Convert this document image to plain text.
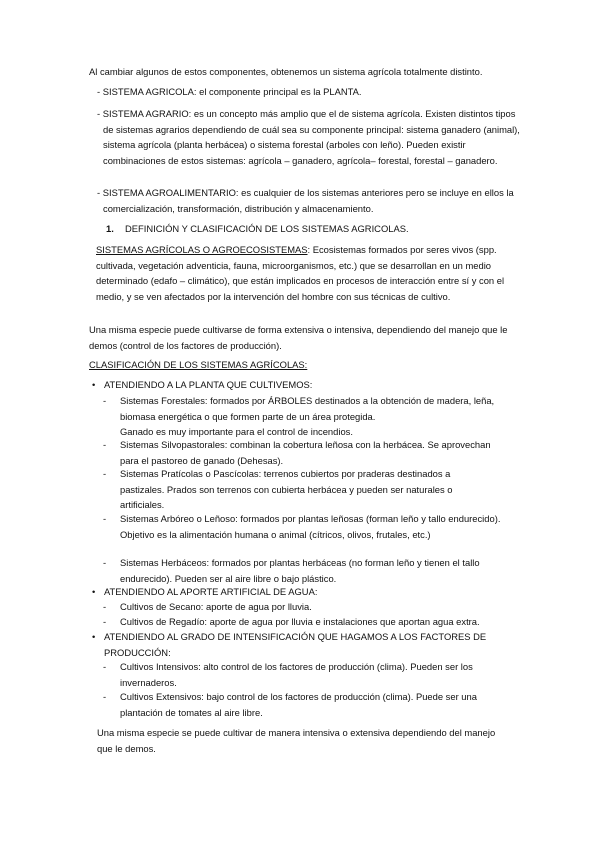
Al cambiar algunos de estos componentes, obtenemos un sistema agrícola totalmente distinto.

- SISTEMA AGRICOLA: el componente principal es la PLANTA.

- SISTEMA AGRARIO: es un concepto más amplio que el de sistema agrícola. Existen distintos tipos de sistemas agrarios dependiendo de cuál sea su componente principal: sistema ganadero (animal), sistema agrícola (planta herbácea) o sistema forestal (arboles con leño). Pueden existir combinaciones de estos sistemas: agrícola – ganadero, agrícola– forestal, forestal – ganadero.

- SISTEMA AGROALIMENTARIO: es cualquier de los sistemas anteriores pero se incluye en ellos la comercialización, transformación, distribución y almacenamiento.

1. DEFINICIÓN Y CLASIFICACIÓN DE LOS SISTEMAS AGRICOLAS.

SISTEMAS AGRÍCOLAS O AGROECOSISTEMAS: Ecosistemas formados por seres vivos (spp. cultivada, vegetación adventicia, fauna, microorganismos, etc.) que se desarrollan en un medio determinado (edafo – climático), que están implicados en procesos de interacción entre sí y con el medio, y se ven afectados por la intervención del hombre con sus técnicas de cultivo.

Una misma especie puede cultivarse de forma extensiva o intensiva, dependiendo del manejo que le demos (control de los factores de producción).

CLASIFICACIÓN DE LOS SISTEMAS AGRÍCOLAS:

• ATENDIENDO A LA PLANTA QUE CULTIVEMOS:

- Sistemas Forestales: formados por ÁRBOLES destinados a la obtención de madera, leña, biomasa energética o que formen parte de un área protegida.
Ganado es muy importante para el control de incendios.

- Sistemas Silvopastorales: combinan la cobertura leñosa con la herbácea. Se aprovechan para el pastoreo de ganado (Dehesas).

- Sistemas Pratícolas o Pascícolas: terrenos cubiertos por praderas destinados a pastizales. Prados son terrenos con cubierta herbácea y pueden ser naturales o artificiales.

- Sistemas Arbóreo o Leñoso: formados por plantas leñosas (forman leño y tallo endurecido). Objetivo es la alimentación humana o animal (cítricos, olivos, frutales, etc.)

- Sistemas Herbáceos: formados por plantas herbáceas (no forman leño y tienen el tallo endurecido). Pueden ser al aire libre o bajo plástico.

• ATENDIENDO AL APORTE ARTIFICIAL DE AGUA:

- Cultivos de Secano: aporte de agua por lluvia.

- Cultivos de Regadío: aporte de agua por lluvia e instalaciones que aportan agua extra.

• ATENDIENDO AL GRADO DE INTENSIFICACIÓN QUE HAGAMOS A LOS FACTORES DE PRODUCCIÓN:

- Cultivos Intensivos: alto control de los factores de producción (clima). Pueden ser los invernaderos.

- Cultivos Extensivos: bajo control de los factores de producción (clima). Puede ser una plantación de tomates al aire libre.

Una misma especie se puede cultivar de manera intensiva o extensiva dependiendo del manejo que le demos.
